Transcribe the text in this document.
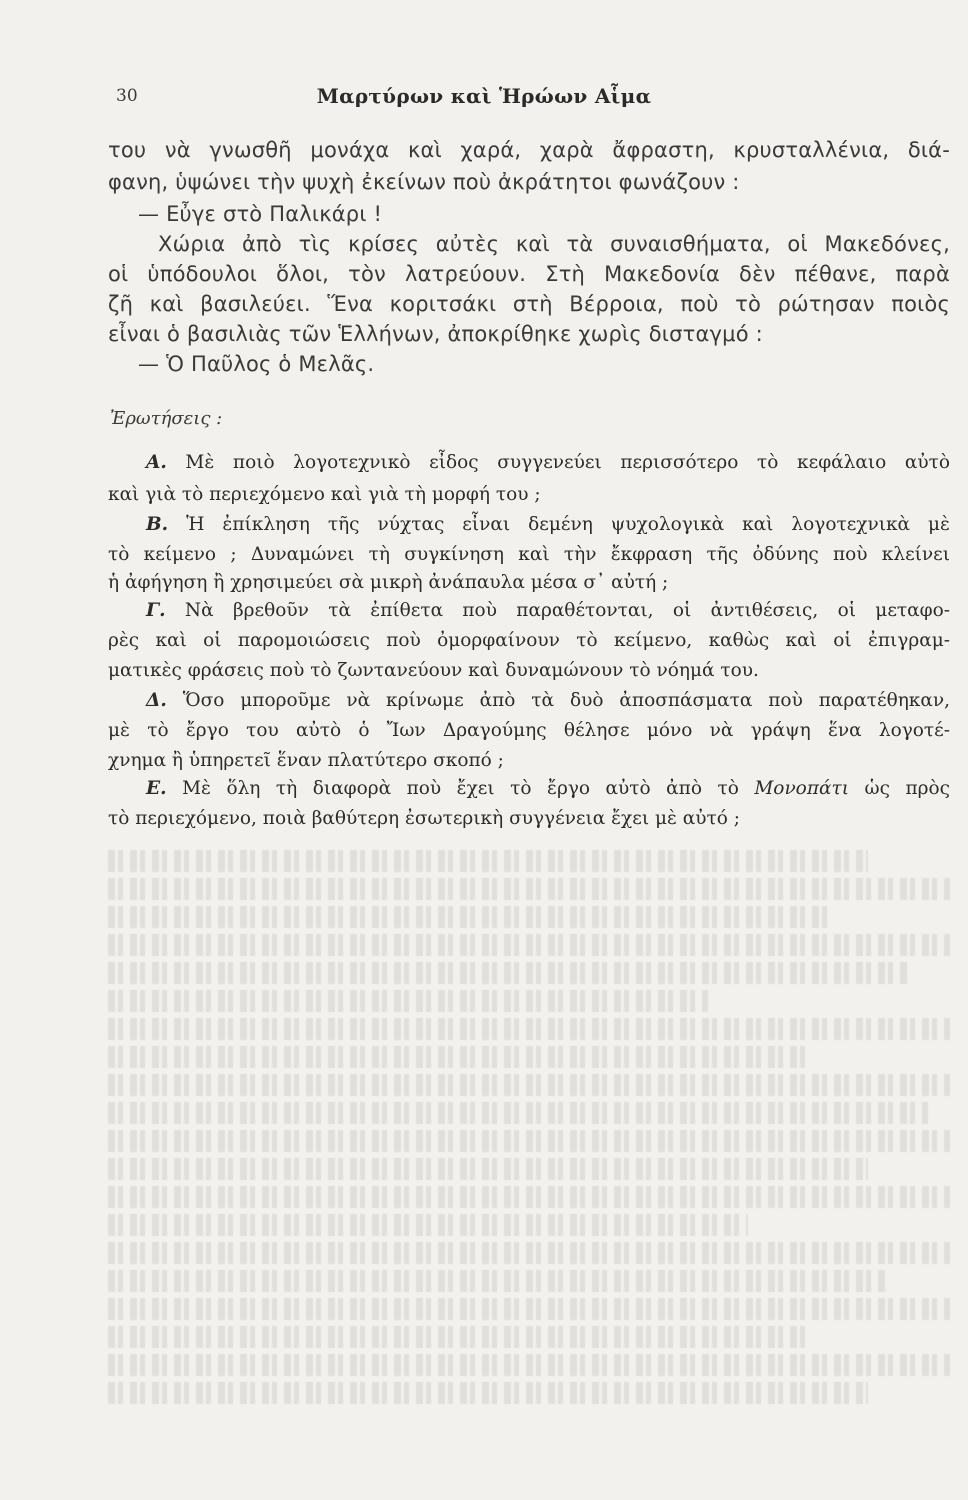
30	Μαρτύρων καὶ Ἡρώων Αἷμα
του νὰ γνωσθῆ μονάχα καὶ χαρά, χαρὰ ἄφραστη, κρυσταλλένια, διά-
φανη, ὑψώνει τὴν ψυχὴ ἐκείνων ποὺ ἀκράτητοι φωνάζουν :
— Εὖγε στὸ Παλικάρι !
Χώρια ἀπὸ τὶς κρίσες αὐτὲς καὶ τὰ συναισθήματα, οἱ Μακεδόνες,
οἱ ὑπόδουλοι ὅλοι, τὸν λατρεύουν. Στὴ Μακεδονία δὲν πέθανε, παρὰ
ζῆ καὶ βασιλεύει. Ἕνα κοριτσάκι στὴ Βέρροια, ποὺ τὸ ρώτησαν ποιὸς
εἶναι ὁ βασιλιὰς τῶν Ἑλλήνων, ἀποκρίθηκε χωρὶς δισταγμό :
— Ὁ Παῦλος ὁ Μελᾶς.
Ἐρωτήσεις :
Α. Μὲ ποιὸ λογοτεχνικὸ εἶδος συγγενεύει περισσότερο τὸ κεφάλαιο αὐτὸ
καὶ γιὰ τὸ περιεχόμενο καὶ γιὰ τὴ μορφή του ;
Β. Ἡ ἐπίκληση τῆς νύχτας εἶναι δεμένη ψυχολογικὰ καὶ λογοτεχνικὰ μὲ
τὸ κείμενο ; Δυναμώνει τὴ συγκίνηση καὶ τὴν ἔκφραση τῆς ὀδύνης ποὺ κλείνει
ἡ ἀφήγηση ἢ χρησιμεύει σὰ μικρὴ ἀνάπαυλα μέσα σ᾿ αὐτή ;
Γ. Νὰ βρεθοῦν τὰ ἐπίθετα ποὺ παραθέτονται, οἱ ἀντιθέσεις, οἱ μεταφο-
ρὲς καὶ οἱ παρομοιώσεις ποὺ ὀμορφαίνουν τὸ κείμενο, καθὼς καὶ οἱ ἐπιγραμ-
ματικὲς φράσεις ποὺ τὸ ζωντανεύουν καὶ δυναμώνουν τὸ νόημά του.
Δ. Ὅσο μποροῦμε νὰ κρίνωμε ἀπὸ τὰ δυὸ ἀποσπάσματα ποὺ παρατέθηκαν,
μὲ τὸ ἔργο του αὐτὸ ὁ Ἴων Δραγούμης θέλησε μόνο νὰ γράψη ἕνα λογοτέ-
χνημα ἢ ὑπηρετεῖ ἕναν πλατύτερο σκοπό ;
Ε. Μὲ ὅλη τὴ διαφορὰ ποὺ ἔχει τὸ ἔργο αὐτὸ ἀπὸ τὸ Μονοπάτι ὡς πρὸς
τὸ περιεχόμενο, ποιὰ βαθύτερη ἐσωτερικὴ συγγένεια ἔχει μὲ αὐτό ;
